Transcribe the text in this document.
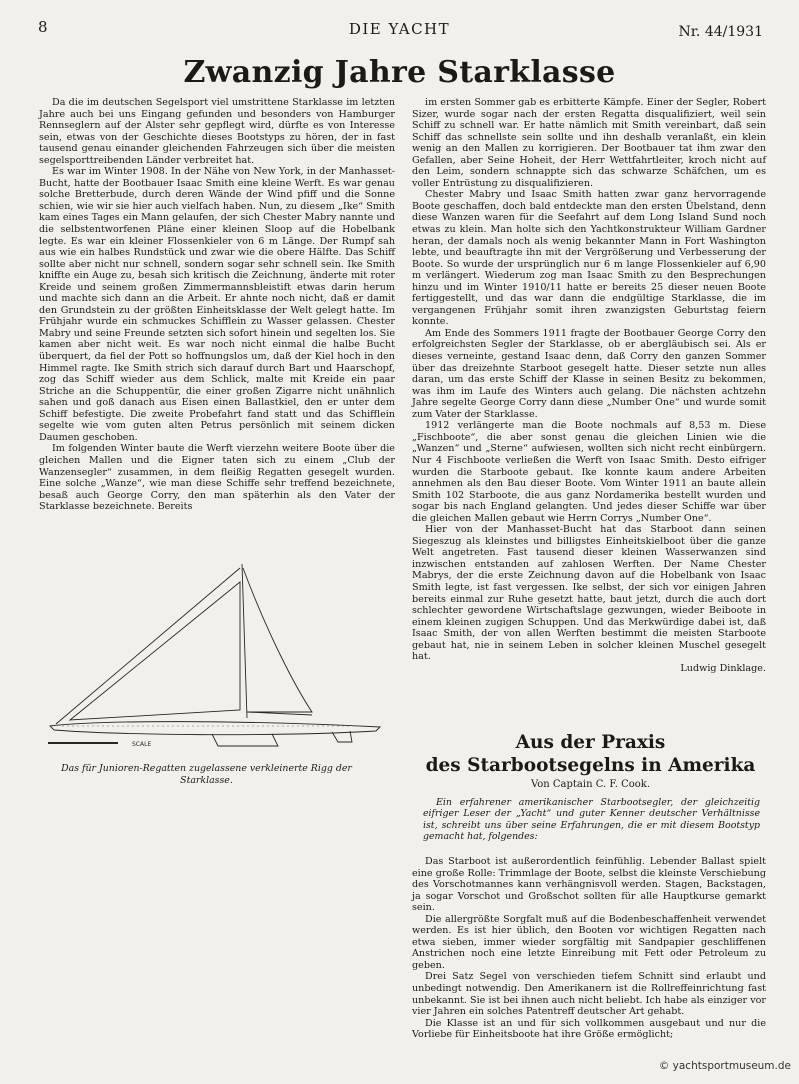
8	DIE YACHT	Nr. 44/1931
Zwanzig Jahre Starklasse

Da die im deutschen Segelsport viel umstrittene Starklasse im letzten Jahre auch bei uns Eingang gefunden und besonders von Hamburger Rennseglern auf der Alster sehr gepflegt wird, dürfte es von Interesse sein, etwas von der Geschichte dieses Bootstyps zu hören, der in fast tausend genau einander gleichenden Fahrzeugen sich über die meisten segelsporttreibenden Länder verbreitet hat.

Es war im Winter 1908. In der Nähe von New York, in der Manhasset-Bucht, hatte der Bootbauer Isaac Smith eine kleine Werft. Es war genau solche Bretterbude, durch deren Wände der Wind pfiff und die Sonne schien, wie wir sie hier auch vielfach haben. Nun, zu diesem „Ike“ Smith kam eines Tages ein Mann gelaufen, der sich Chester Mabry nannte und die selbstentworfenen Pläne einer kleinen Sloop auf die Hobelbank legte. Es war ein kleiner Flossenkieler von 6 m Länge. Der Rumpf sah aus wie ein halbes Rundstück und zwar wie die obere Hälfte. Das Schiff sollte aber nicht nur schnell, sondern sogar sehr schnell sein. Ike Smith kniffte ein Auge zu, besah sich kritisch die Zeichnung, änderte mit roter Kreide und seinem großen Zimmermannsbleistift etwas darin herum und machte sich dann an die Arbeit. Er ahnte noch nicht, daß er damit den Grundstein zu der größten Einheitsklasse der Welt gelegt hatte. Im Frühjahr wurde ein schmuckes Schifflein zu Wasser gelassen. Chester Mabry und seine Freunde setzten sich sofort hinein und segelten los. Sie kamen aber nicht weit. Es war noch nicht einmal die halbe Bucht überquert, da fiel der Pott so hoffnungslos um, daß der Kiel hoch in den Himmel ragte. Ike Smith strich sich darauf durch Bart und Haarschopf, zog das Schiff wieder aus dem Schlick, malte mit Kreide ein paar Striche an die Schuppentür, die einer großen Zigarre nicht unähnlich sahen und goß danach aus Eisen einen Ballastkiel, den er unter dem Schiff befestigte. Die zweite Probefahrt fand statt und das Schifflein segelte wie vom guten alten Petrus persönlich mit seinem dicken Daumen geschoben.

Im folgenden Winter baute die Werft vierzehn weitere Boote über die gleichen Mallen und die Eigner taten sich zu einem „Club der Wanzensegler“ zusammen, in dem fleißig Regatten gesegelt wurden. Eine solche „Wanze“, wie man diese Schiffe sehr treffend bezeichnete, besaß auch George Corry, den man späterhin als den Vater der Starklasse bezeichnete. Bereits

im ersten Sommer gab es erbitterte Kämpfe. Einer der Segler, Robert Sizer, wurde sogar nach der ersten Regatta disqualifiziert, weil sein Schiff zu schnell war. Er hatte nämlich mit Smith vereinbart, daß sein Schiff das schnellste sein sollte und ihn deshalb veranlaßt, ein klein wenig an den Mallen zu korrigieren. Der Bootbauer tat ihm zwar den Gefallen, aber Seine Hoheit, der Herr Wettfahrtleiter, kroch nicht auf den Leim, sondern schnappte sich das schwarze Schäfchen, um es voller Entrüstung zu disqualifizieren.

Chester Mabry und Isaac Smith hatten zwar ganz hervorragende Boote geschaffen, doch bald entdeckte man den ersten Übelstand, denn diese Wanzen waren für die Seefahrt auf dem Long Island Sund noch etwas zu klein. Man holte sich den Yachtkonstrukteur William Gardner heran, der damals noch als wenig bekannter Mann in Fort Washington lebte, und beauftragte ihn mit der Vergrößerung und Verbesserung der Boote. So wurde der ursprünglich nur 6 m lange Flossenkieler auf 6,90 m verlängert. Wiederum zog man Isaac Smith zu den Besprechungen hinzu und im Winter 1910/11 hatte er bereits 25 dieser neuen Boote fertiggestellt, und das war dann die endgültige Starklasse, die im vergangenen Frühjahr somit ihren zwanzigsten Geburtstag feiern konnte.

Am Ende des Sommers 1911 fragte der Bootbauer George Corry den erfolgreichsten Segler der Starklasse, ob er abergläubisch sei. Als er dieses verneinte, gestand Isaac denn, daß Corry den ganzen Sommer über das dreizehnte Starboot gesegelt hatte. Dieser setzte nun alles daran, um das erste Schiff der Klasse in seinen Besitz zu bekommen, was ihm im Laufe des Winters auch gelang. Die nächsten achtzehn Jahre segelte George Corry dann diese „Number One“ und wurde somit zum Vater der Starklasse.

1912 verlängerte man die Boote nochmals auf 8,53 m. Diese „Fischboote“, die aber sonst genau die gleichen Linien wie die „Wanzen“ und „Sterne“ aufwiesen, wollten sich nicht recht einbürgern. Nur 4 Fischboote verließen die Werft von Isaac Smith. Desto eifriger wurden die Starboote gebaut. Ike konnte kaum andere Arbeiten annehmen als den Bau dieser Boote. Vom Winter 1911 an baute allein Smith 102 Starboote, die aus ganz Nordamerika bestellt wurden und sogar bis nach England gelangten. Und jedes dieser Schiffe war über die gleichen Mallen gebaut wie Herrn Corrys „Number One“.

Hier von der Manhasset-Bucht hat das Starboot dann seinen Siegeszug als kleinstes und billigstes Einheitskielboot über die ganze Welt angetreten. Fast tausend dieser kleinen Wasserwanzen sind inzwischen entstanden auf zahlosen Werften. Der Name Chester Mabrys, der die erste Zeichnung davon auf die Hobelbank von Isaac Smith legte, ist fast vergessen. Ike selbst, der sich vor einigen Jahren bereits einmal zur Ruhe gesetzt hatte, baut jetzt, durch die auch dort schlechter gewordene Wirtschaftslage gezwungen, wieder Beiboote in einem kleinen zugigen Schuppen. Und das Merkwürdige dabei ist, daß Isaac Smith, der von allen Werften bestimmt die meisten Starboote gebaut hat, nie in seinem Leben in solcher kleinen Muschel gesegelt hat.

Ludwig Dinklage.

SCALE
Das für Junioren-Regatten zugelassene verkleinerte Rigg der Starklasse.
Aus der Praxis
des Starbootsegelns in Amerika
Von Captain C. F. Cook.

Ein erfahrener amerikanischer Starbootsegler, der gleichzeitig eifriger Leser der „Yacht“ und guter Kenner deutscher Verhältnisse ist, schreibt uns über seine Erfahrungen, die er mit diesem Bootstyp gemacht hat, folgendes:

Das Starboot ist außerordentlich feinfühlig. Lebender Ballast spielt eine große Rolle: Trimmlage der Boote, selbst die kleinste Verschiebung des Vorschotmannes kann verhängnisvoll werden. Stagen, Backstagen, ja sogar Vorschot und Großschot sollten für alle Hauptkurse gemarkt sein.

Die allergrößte Sorgfalt muß auf die Bodenbeschaffenheit verwendet werden. Es ist hier üblich, den Booten vor wichtigen Regatten nach etwa sieben, immer wieder sorgfältig mit Sandpapier geschliffenen Anstrichen noch eine letzte Einreibung mit Fett oder Petroleum zu geben.

Drei Satz Segel von verschieden tiefem Schnitt sind erlaubt und unbedingt notwendig. Den Amerikanern ist die Rollreffeinrichtung fast unbekannt. Sie ist bei ihnen auch nicht beliebt. Ich habe als einziger vor vier Jahren ein solches Patentreff deutscher Art gehabt.

Die Klasse ist an und für sich vollkommen ausgebaut und nur die Vorliebe für Einheitsboote hat ihre Größe ermöglicht;

© yachtsportmuseum.de
